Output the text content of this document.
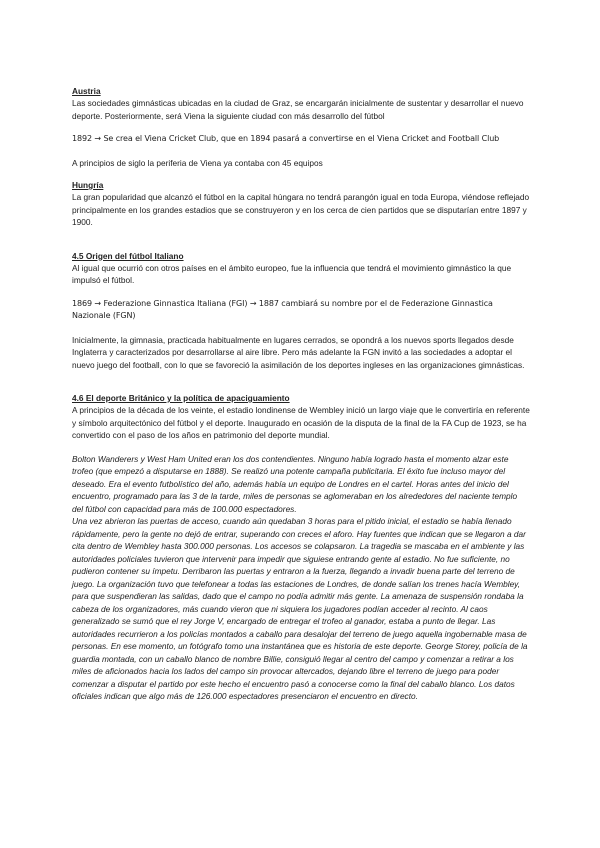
Austria

Las sociedades gimnásticas ubicadas en la ciudad de Graz, se encargarán inicialmente de sustentar y desarrollar el nuevo deporte. Posteriormente, será Viena la siguiente ciudad con más desarrollo del fútbol

1892 → Se crea el Viena Cricket Club, que en 1894 pasará a convertirse en el Viena Cricket and Football Club

A principios de siglo la periferia de Viena ya contaba con 45 equipos

Hungría

La gran popularidad que alcanzó el fútbol en la capital húngara no tendrá parangón igual en toda Europa, viéndose reflejado principalmente en los grandes estadios que se construyeron y en los cerca de cien partidos que se disputarían entre 1897 y 1900.

4.5 Origen del fútbol Italiano

Al igual que ocurrió con otros países en el ámbito europeo, fue la influencia que tendrá el movimiento gimnástico la que impulsó el fútbol.

1869 → Federazione Ginnastica Italiana (FGI) → 1887 cambiará su nombre por el de Federazione Ginnastica Nazionale (FGN)

Inicialmente, la gimnasia, practicada habitualmente en lugares cerrados, se opondrá a los nuevos sports llegados desde Inglaterra y caracterizados por desarrollarse al aire libre. Pero más adelante la FGN invitó a las sociedades a adoptar el nuevo juego del football, con lo que se favoreció la asimilación de los deportes ingleses en las organizaciones gimnásticas.

4.6 El deporte Británico y la política de apaciguamiento

A principios de la década de los veinte, el estadio londinense de Wembley inició un largo viaje que le convertiría en referente y símbolo arquitectónico del fútbol y el deporte. Inaugurado en ocasión de la disputa de la final de la FA Cup de 1923, se ha convertido con el paso de los años en patrimonio del deporte mundial.

Bolton Wanderers y West Ham United eran los dos contendientes. Ninguno había logrado hasta el momento alzar este trofeo (que empezó a disputarse en 1888). Se realizó una potente campaña publicitaria. El éxito fue incluso mayor del deseado. Era el evento futbolístico del año, además había un equipo de Londres en el cartel. Horas antes del inicio del encuentro, programado para las 3 de la tarde, miles de personas se aglomeraban en los alrededores del naciente templo del fútbol con capacidad para más de 100.000 espectadores.

Una vez abrieron las puertas de acceso, cuando aún quedaban 3 horas para el pitido inicial, el estadio se había llenado rápidamente, pero la gente no dejó de entrar, superando con creces el aforo. Hay fuentes que indican que se llegaron a dar cita dentro de Wembley hasta 300.000 personas. Los accesos se colapsaron. La tragedia se mascaba en el ambiente y las autoridades policiales tuvieron que intervenir para impedir que siguiese entrando gente al estadio. No fue suficiente, no pudieron contener su ímpetu. Derribaron las puertas y entraron a la fuerza, llegando a invadir buena parte del terreno de juego. La organización tuvo que telefonear a todas las estaciones de Londres, de donde salían los trenes hacía Wembley, para que suspendieran las salidas, dado que el campo no podía admitir más gente. La amenaza de suspensión rondaba la cabeza de los organizadores, más cuando vieron que ni siquiera los jugadores podían acceder al recinto. Al caos generalizado se sumó que el rey Jorge V, encargado de entregar el trofeo al ganador, estaba a punto de llegar. Las autoridades recurrieron a los policías montados a caballo para desalojar del terreno de juego aquella ingobernable masa de personas. En ese momento, un fotógrafo tomo una instantánea que es historia de este deporte. George Storey, policía de la guardia montada, con un caballo blanco de nombre Billie, consiguió llegar al centro del campo y comenzar a retirar a los miles de aficionados hacia los lados del campo sin provocar altercados, dejando libre el terreno de juego para poder comenzar a disputar el partido por este hecho el encuentro pasó a conocerse como la final del caballo blanco. Los datos oficiales indican que algo más de 126.000 espectadores presenciaron el encuentro en directo.
